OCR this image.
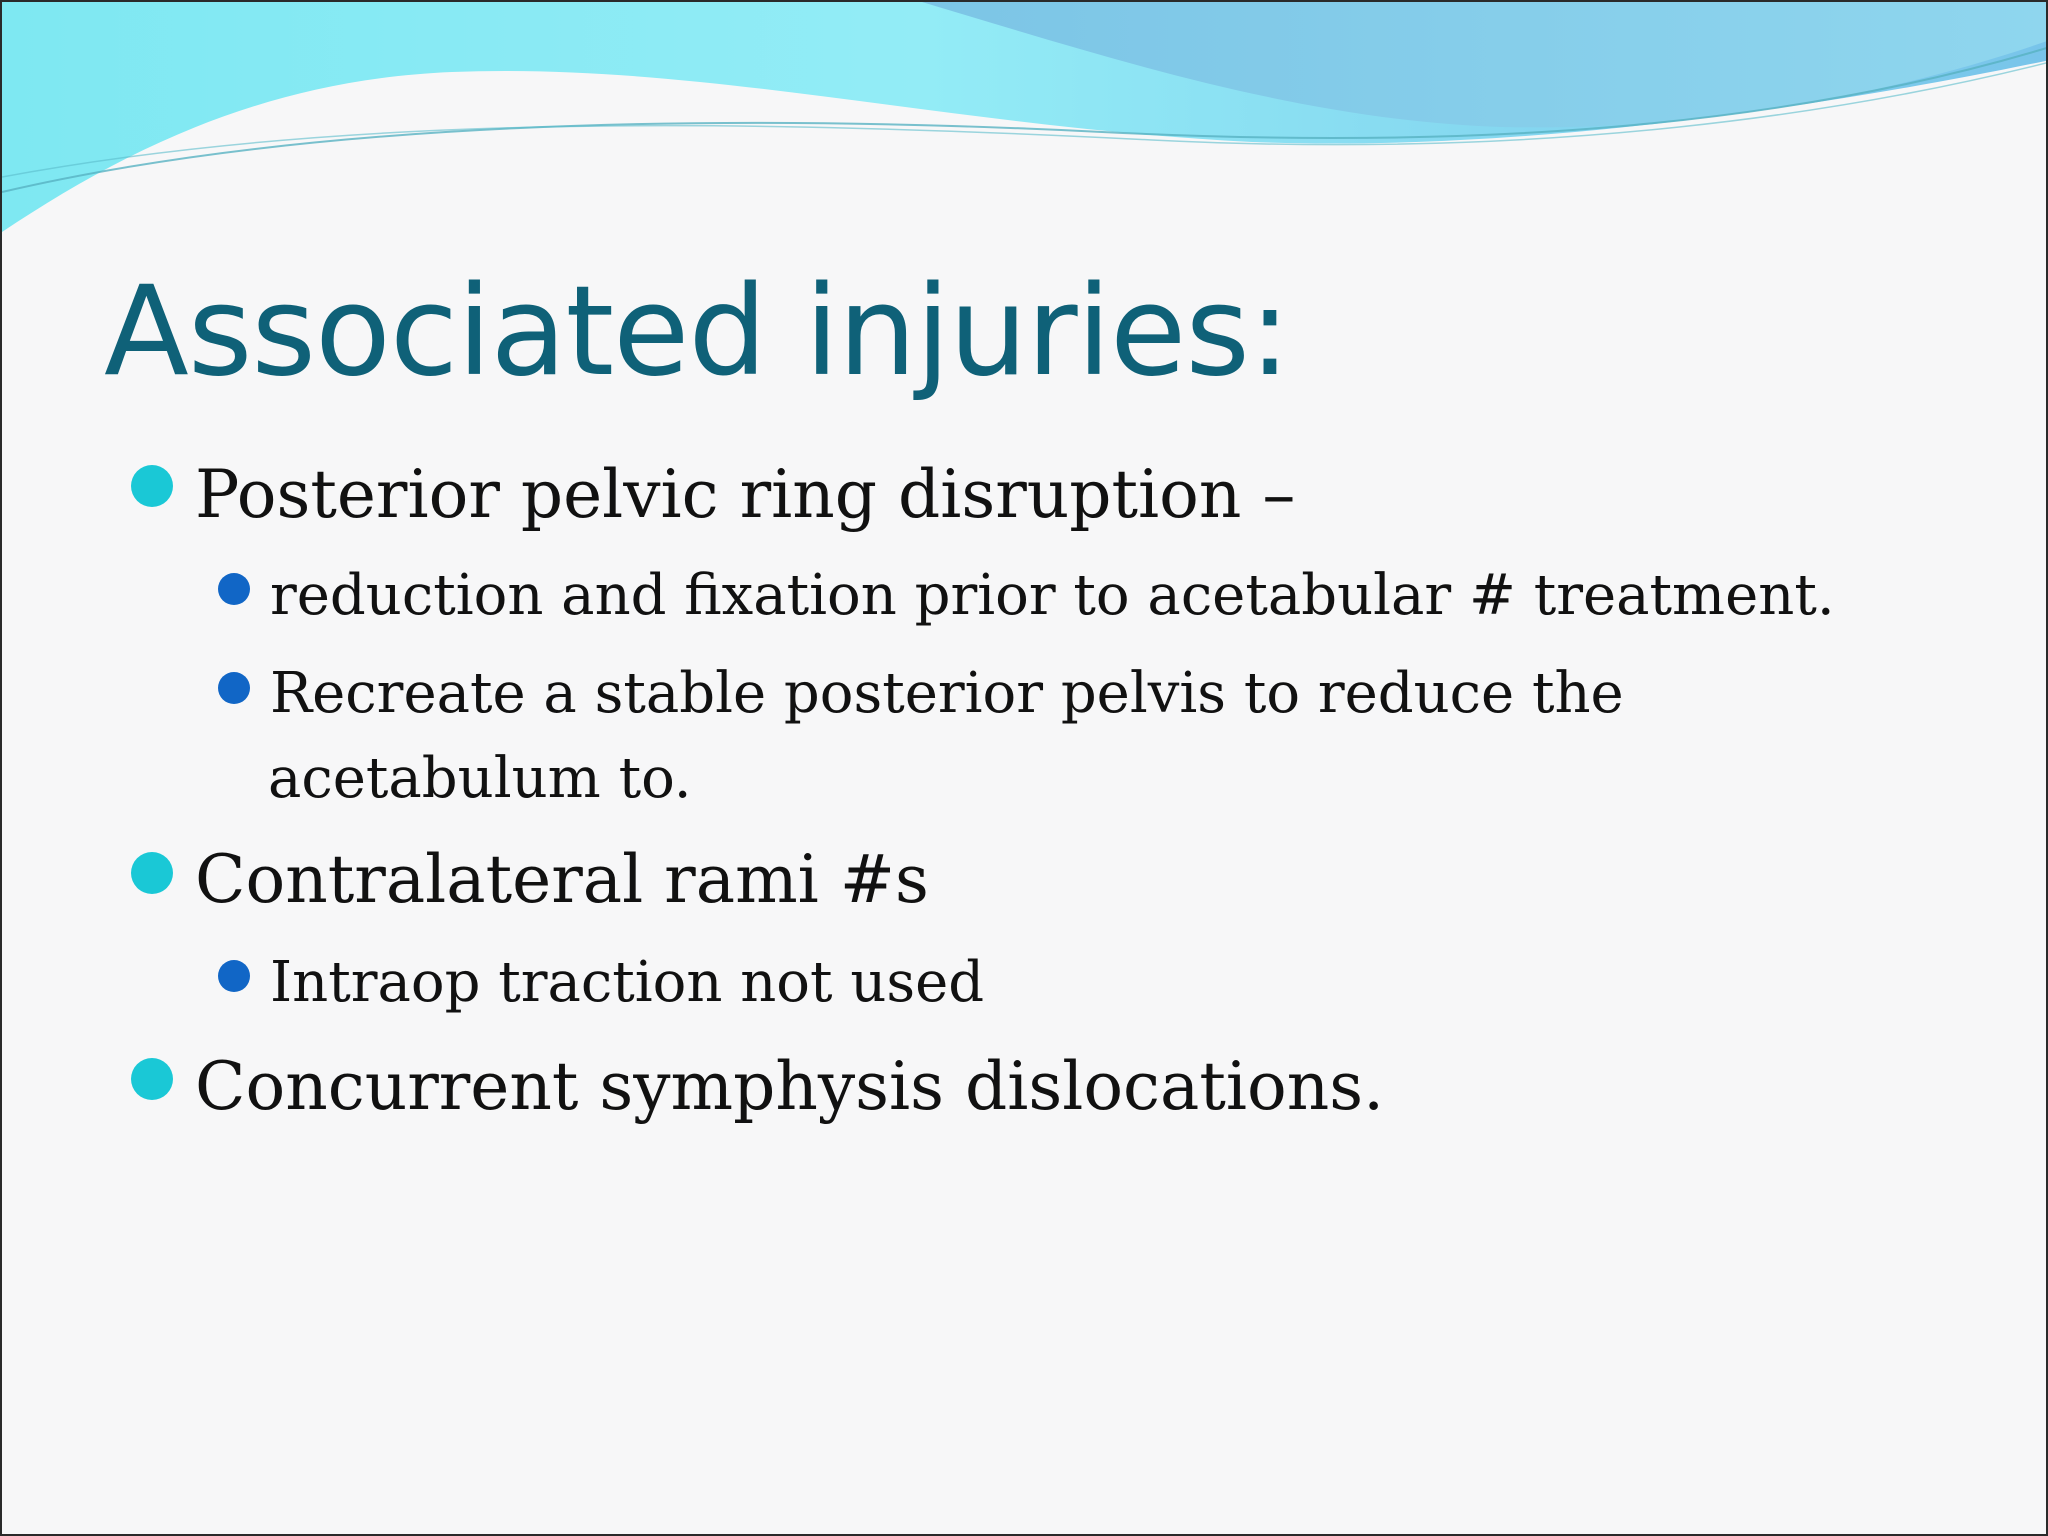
Associated injuries:
Posterior pelvic ring disruption –
reduction and fixation prior to acetabular # treatment.
Recreate a stable posterior pelvis to reduce the
acetabulum to.
Contralateral rami #s
Intraop traction not used
Concurrent symphysis dislocations.
